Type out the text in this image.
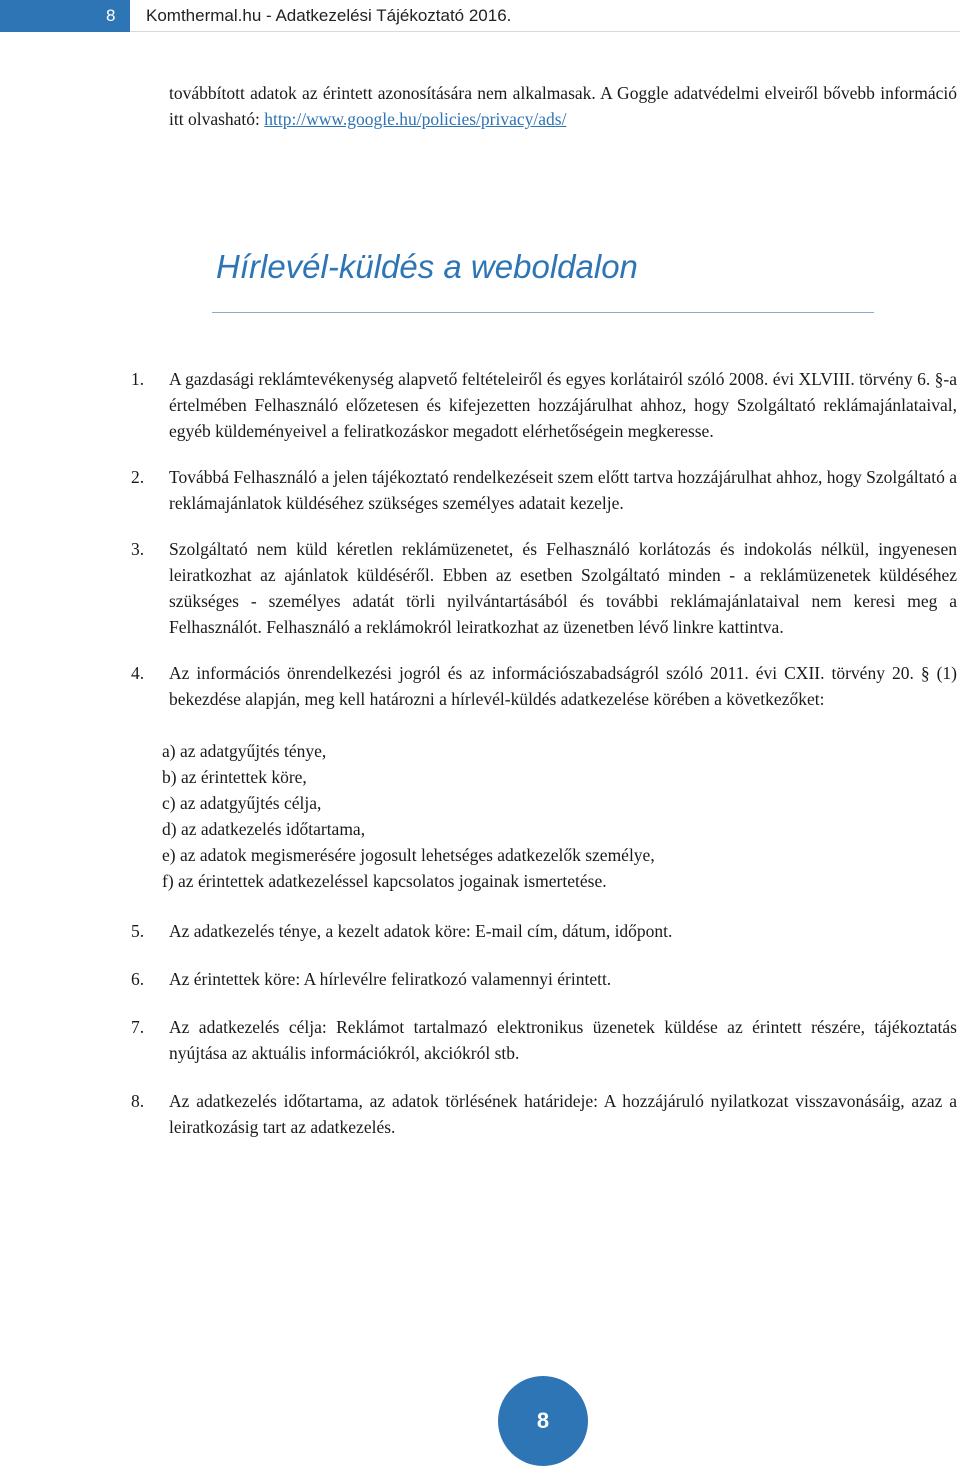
8	Komthermal.hu - Adatkezelési Tájékoztató 2016.

továbbított adatok az érintett azonosítására nem alkalmasak. A Goggle adatvédelmi elveiről bővebb információ itt olvasható: http://www.google.hu/policies/privacy/ads/

Hírlevél-küldés a weboldalon
1. A gazdasági reklámtevékenység alapvető feltételeiről és egyes korlátairól szóló 2008. évi XLVIII. törvény 6. §-a értelmében Felhasználó előzetesen és kifejezetten hozzájárulhat ahhoz, hogy Szolgáltató reklámajánlataival, egyéb küldeményeivel a feliratkozáskor megadott elérhetőségein megkeresse.
2. Továbbá Felhasználó a jelen tájékoztató rendelkezéseit szem előtt tartva hozzájárulhat ahhoz, hogy Szolgáltató a reklámajánlatok küldéséhez szükséges személyes adatait kezelje.
3. Szolgáltató nem küld kéretlen reklámüzenetet, és Felhasználó korlátozás és indokolás nélkül, ingyenesen leiratkozhat az ajánlatok küldéséről. Ebben az esetben Szolgáltató minden - a reklámüzenetek küldéséhez szükséges - személyes adatát törli nyilvántartásából és további reklámajánlataival nem keresi meg a Felhasználót. Felhasználó a reklámokról leiratkozhat az üzenetben lévő linkre kattintva.
4. Az információs önrendelkezési jogról és az információszabadságról szóló 2011. évi CXII. törvény 20. § (1) bekezdése alapján, meg kell határozni a hírlevél-küldés adatkezelése körében a következőket:
a) az adatgyűjtés ténye,
b) az érintettek köre,
c) az adatgyűjtés célja,
d) az adatkezelés időtartama,
e) az adatok megismerésére jogosult lehetséges adatkezelők személye,
f) az érintettek adatkezeléssel kapcsolatos jogainak ismertetése.
5. Az adatkezelés ténye, a kezelt adatok köre: E-mail cím, dátum, időpont.
6. Az érintettek köre: A hírlevélre feliratkozó valamennyi érintett.
7. Az adatkezelés célja: Reklámot tartalmazó elektronikus üzenetek küldése az érintett részére, tájékoztatás nyújtása az aktuális információkról, akciókról stb.
8. Az adatkezelés időtartama, az adatok törlésének határideje: A hozzájáruló nyilatkozat visszavonásáig, azaz a leiratkozásig tart az adatkezelés.
8
